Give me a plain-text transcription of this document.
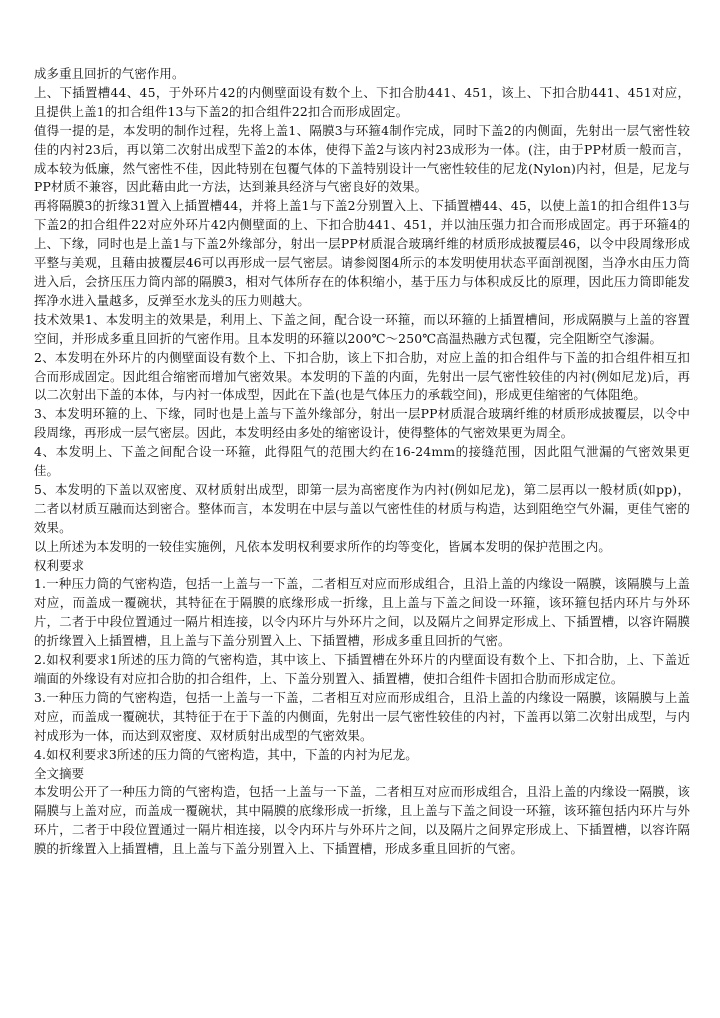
成多重且回折的气密作用。

上、下插置槽44、45，于外环片42的内侧壁面设有数个上、下扣合肋441、451，该上、下扣合肋441、451对应，且提供上盖1的扣合组件13与下盖2的扣合组件22扣合而形成固定。

值得一提的是，本发明的制作过程，先将上盖1、隔膜3与环箍4制作完成，同时下盖2的内侧面，先射出一层气密性较佳的内衬23后，再以第二次射出成型下盖2的本体，使得下盖2与该内衬23成形为一体。(注，由于PP材质一般而言，成本较为低廉，然气密性不佳，因此特别在包覆气体的下盖特别设计一气密性较佳的尼龙(Nylon)内衬，但是，尼龙与PP材质不兼容，因此藉由此一方法，达到兼具经济与气密良好的效果。

再将隔膜3的折缘31置入上插置槽44，并将上盖1与下盖2分别置入上、下插置槽44、45，以使上盖1的扣合组件13与下盖2的扣合组件22对应外环片42内侧壁面的上、下扣合肋441、451，并以油压强力扣合而形成固定。再于环箍4的上、下缘，同时也是上盖1与下盖2外缘部分，射出一层PP材质混合玻璃纤维的材质形成披覆层46，以令中段周缘形成平整与美观，且藉由披覆层46可以再形成一层气密层。请参阅图4所示的本发明使用状态平面剖视图，当净水由压力筒进入后，会挤压压力筒内部的隔膜3，相对气体所存在的体积缩小，基于压力与体积成反比的原理，因此压力筒即能发挥净水进入量越多，反弹至水龙头的压力则越大。

技术效果1、本发明主的效果是，利用上、下盖之间，配合设一环箍，而以环箍的上插置槽间，形成隔膜与上盖的容置空间，并形成多重且回折的气密作用。且本发明的环箍以200℃～250℃高温热融方式包覆，完全阻断空气渗漏。

2、本发明在外环片的内侧壁面设有数个上、下扣合肋，该上下扣合肋，对应上盖的扣合组件与下盖的扣合组件相互扣合而形成固定。因此组合缩密而增加气密效果。本发明的下盖的内面，先射出一层气密性较佳的内衬(例如尼龙)后，再以二次射出下盖的本体，与内衬一体成型，因此在下盖(也是气体压力的承载空间)，形成更佳缩密的气体阻绝。

3、本发明环箍的上、下缘，同时也是上盖与下盖外缘部分，射出一层PP材质混合玻璃纤维的材质形成披覆层，以令中段周缘，再形成一层气密层。因此，本发明经由多处的缩密设计，使得整体的气密效果更为周全。

4、本发明上、下盖之间配合设一环箍，此得阻气的范围大约在16-24mm的接缝范围，因此阻气泄漏的气密效果更佳。

5、本发明的下盖以双密度、双材质射出成型，即第一层为高密度作为内衬(例如尼龙)，第二层再以一般材质(如pp)，二者以材质互融而达到密合。整体而言，本发明在中层与盖以气密性佳的材质与构造，达到阻绝空气外漏，更佳气密的效果。

以上所述为本发明的一较佳实施例，凡依本发明权利要求所作的均等变化，皆属本发明的保护范围之内。

权利要求

1.一种压力筒的气密构造，包括一上盖与一下盖，二者相互对应而形成组合，且沿上盖的内缘设一隔膜，该隔膜与上盖对应，而盖成一覆碗状，其特征在于隔膜的底缘形成一折缘，且上盖与下盖之间设一环箍，该环箍包括内环片与外环片，二者于中段位置通过一隔片相连接，以令内环片与外环片之间，以及隔片之间界定形成上、下插置槽，以容许隔膜的折缘置入上插置槽，且上盖与下盖分别置入上、下插置槽，形成多重且回折的气密。

2.如权利要求1所述的压力筒的气密构造，其中该上、下插置槽在外环片的内壁面设有数个上、下扣合肋，上、下盖近端面的外缘设有对应扣合肋的扣合组件，上、下盖分别置入、插置槽，使扣合组件卡固扣合肋而形成定位。

3.一种压力筒的气密构造，包括一上盖与一下盖，二者相互对应而形成组合，且沿上盖的内缘设一隔膜，该隔膜与上盖对应，而盖成一覆碗状，其特征于在于下盖的内侧面，先射出一层气密性较佳的内衬，下盖再以第二次射出成型，与内衬成形为一体，而达到双密度、双材质射出成型的气密效果。

4.如权利要求3所述的压力筒的气密构造，其中，下盖的内衬为尼龙。

全文摘要

本发明公开了一种压力筒的气密构造，包括一上盖与一下盖，二者相互对应而形成组合，且沿上盖的内缘设一隔膜，该隔膜与上盖对应，而盖成一覆碗状，其中隔膜的底缘形成一折缘，且上盖与下盖之间设一环箍，该环箍包括内环片与外环片，二者于中段位置通过一隔片相连接，以令内环片与外环片之间，以及隔片之间界定形成上、下插置槽，以容许隔膜的折缘置入上插置槽，且上盖与下盖分别置入上、下插置槽，形成多重且回折的气密。
